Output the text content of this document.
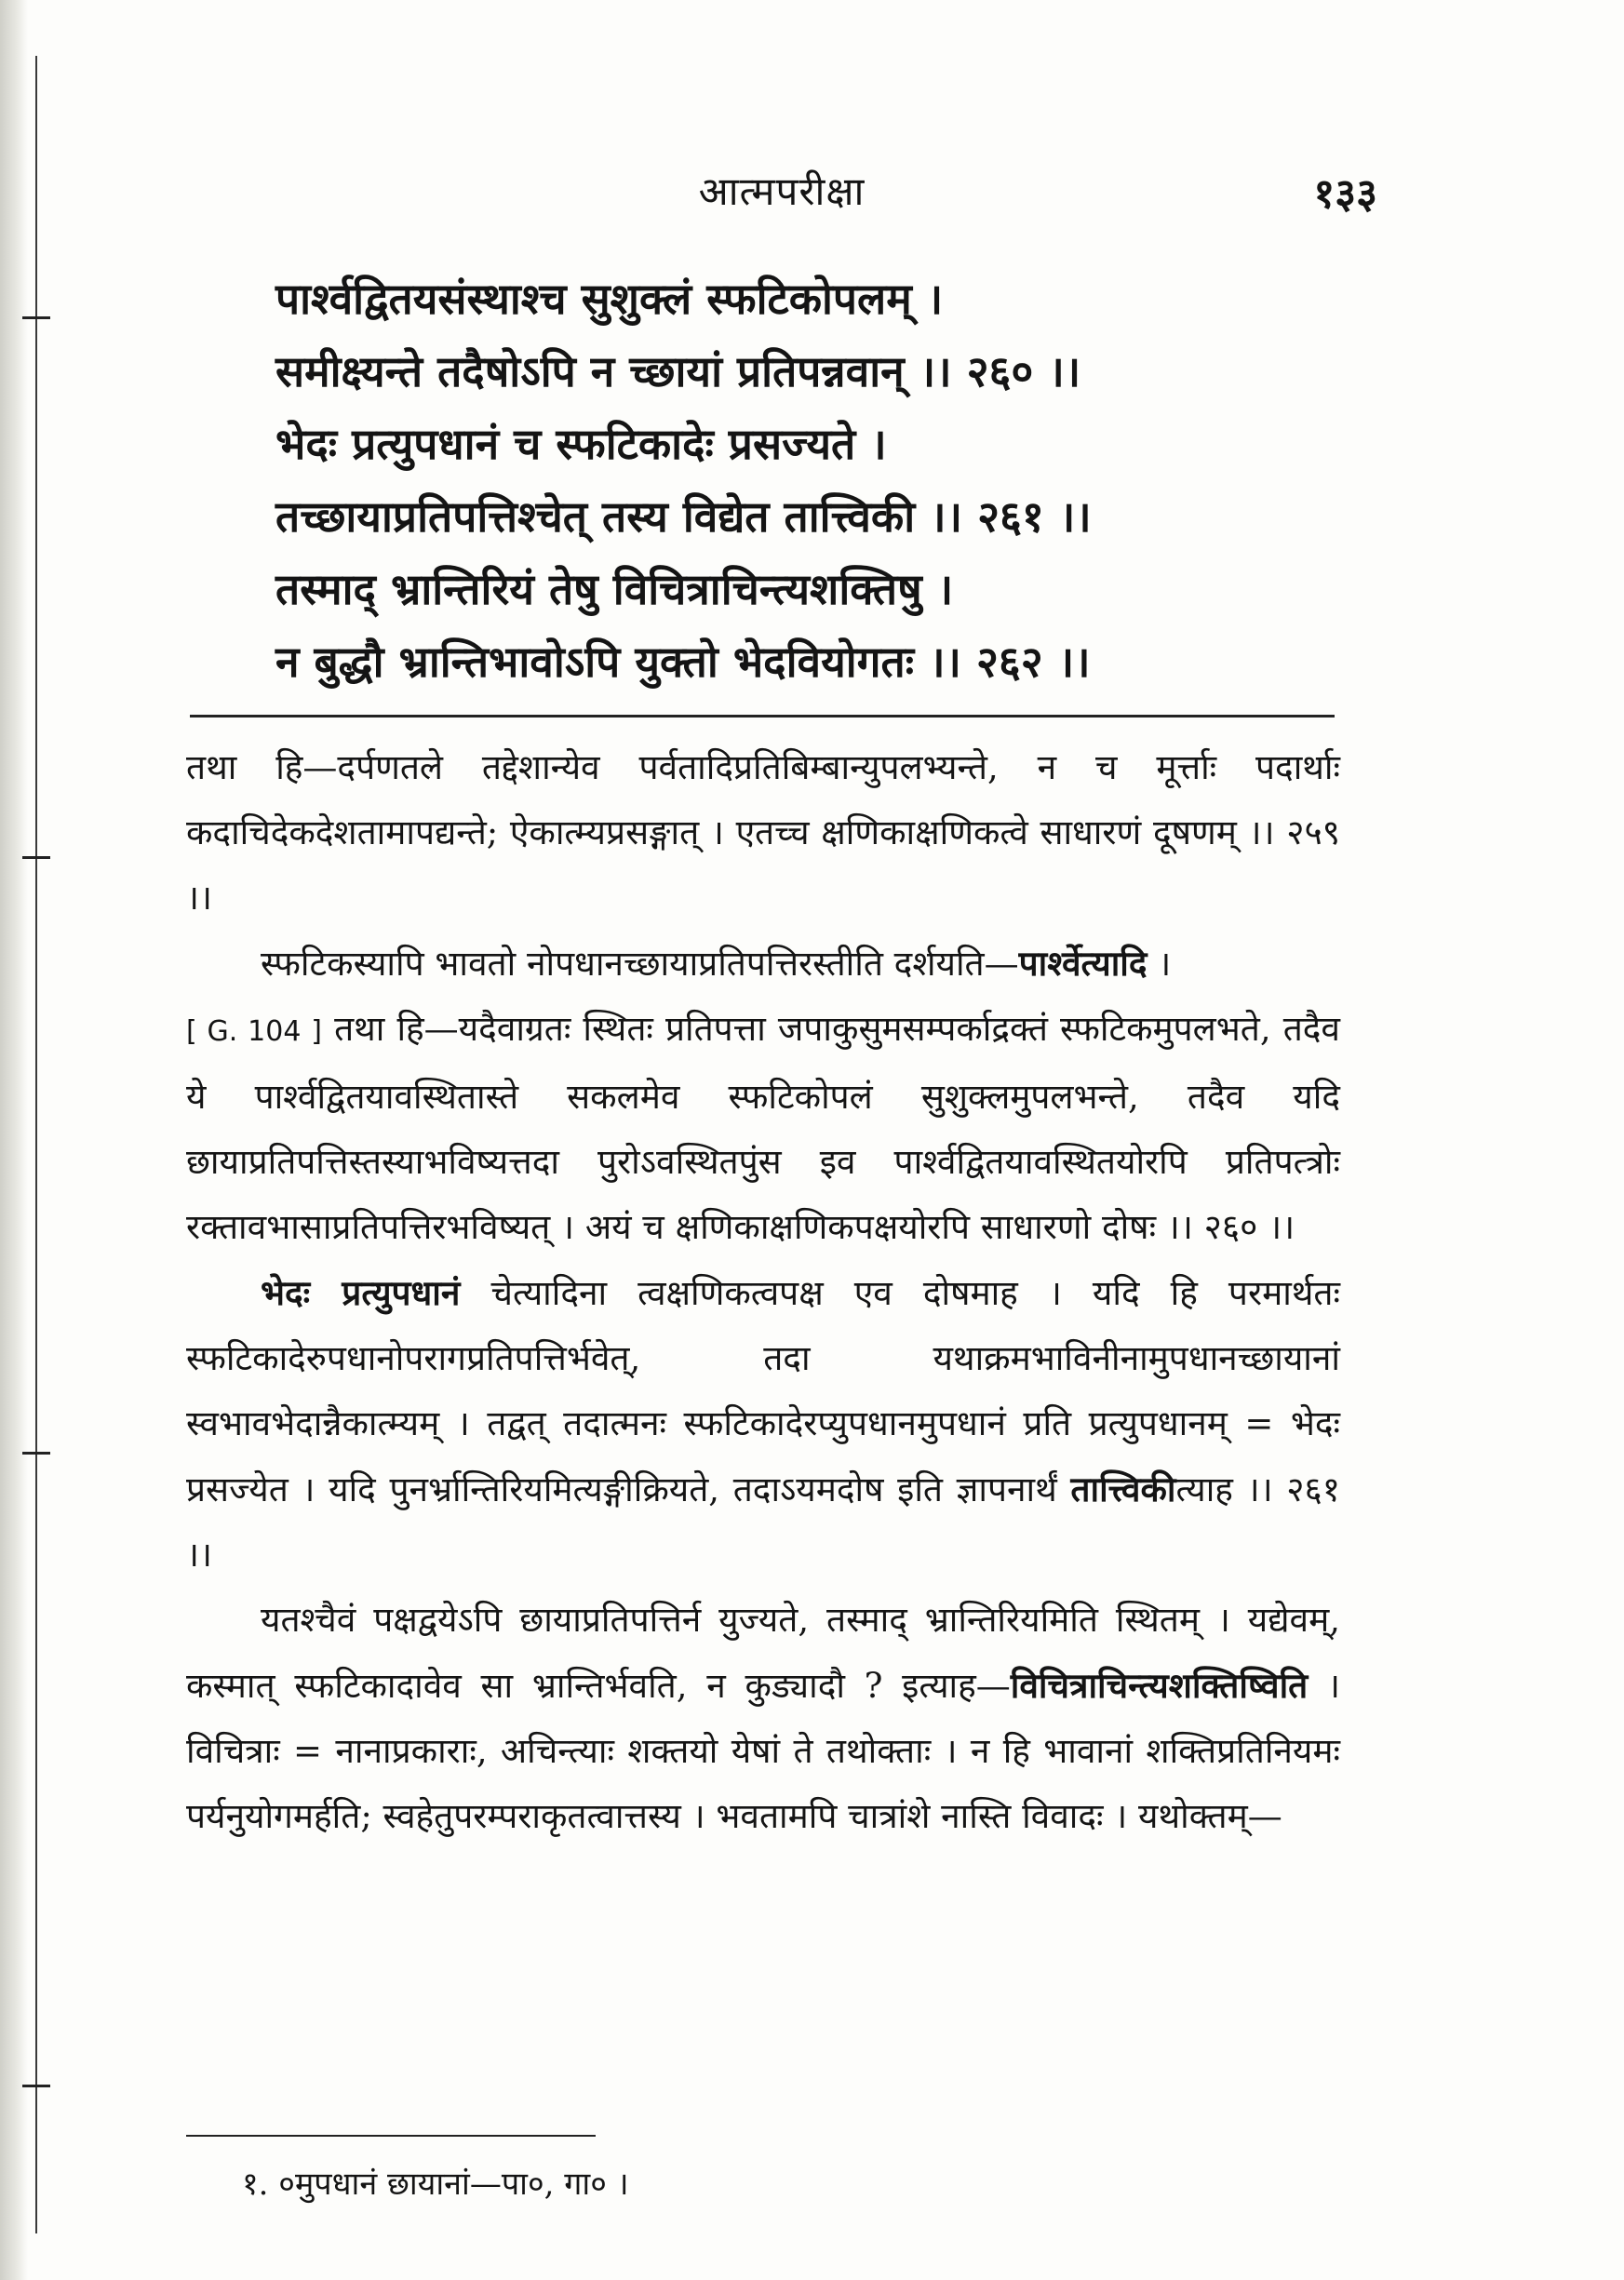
आत्मपरीक्षा	१३३
पार्श्वद्वितयसंस्थाश्च सुशुक्लं स्फटिकोपलम् ।
समीक्ष्यन्ते तदैषोऽपि न च्छायां प्रतिपन्नवान् ।। २६० ।।
भेदः प्रत्युपधानं च स्फटिकादेः प्रसज्यते ।
तच्छायाप्रतिपत्तिश्चेत् तस्य विद्येत तात्त्विकी ।। २६१ ।।
तस्माद् भ्रान्तिरियं तेषु विचित्राचिन्त्यशक्तिषु ।
न बुद्धौ भ्रान्तिभावोऽपि युक्तो भेदवियोगतः ।। २६२ ।।

तथा हि—दर्पणतले तद्देशान्येव पर्वतादिप्रतिबिम्बान्युपलभ्यन्ते, न च मूर्त्ताः पदार्थाः कदाचिदेकदेशतामापद्यन्ते; ऐकात्म्यप्रसङ्गात् । एतच्च क्षणिकाक्षणिकत्वे साधारणं दूषणम् ।। २५९ ।।

स्फटिकस्यापि भावतो नोपधानच्छायाप्रतिपत्तिरस्तीति दर्शयति—पार्श्वेत्यादि ।

[ G. 104 ] तथा हि—यदैवाग्रतः स्थितः प्रतिपत्ता जपाकुसुमसम्पर्काद्रक्तं स्फटिकमुपलभते, तदैव ये पार्श्वद्वितयावस्थितास्ते सकलमेव स्फटिकोपलं सुशुक्लमुपलभन्ते, तदैव यदि छायाप्रतिपत्तिस्तस्याभविष्यत्तदा पुरोऽवस्थितपुंस इव पार्श्वद्वितयावस्थितयोरपि प्रतिपत्त्रोः रक्तावभासाप्रतिपत्तिरभविष्यत् । अयं च क्षणिकाक्षणिकपक्षयोरपि साधारणो दोषः ।। २६० ।।

भेदः प्रत्युपधानं चेत्यादिना त्वक्षणिकत्वपक्ष एव दोषमाह । यदि हि परमार्थतः स्फटिकादेरुपधानोपरागप्रतिपत्तिर्भवेत्, तदा यथाक्रमभाविनीनामुपधानच्छायानां स्वभावभेदान्नैकात्म्यम् । तद्वत् तदात्मनः स्फटिकादेरप्युपधानमुपधानं प्रति प्रत्युपधानम् = भेदः प्रसज्येत । यदि पुनर्भ्रान्तिरियमित्यङ्गीक्रियते, तदाऽयमदोष इति ज्ञापनार्थं तात्त्विकीत्याह ।। २६१ ।।

यतश्चैवं पक्षद्वयेऽपि छायाप्रतिपत्तिर्न युज्यते, तस्माद् भ्रान्तिरियमिति स्थितम् । यद्येवम्, कस्मात् स्फटिकादावेव सा भ्रान्तिर्भवति, न कुड्यादौ ? इत्याह—विचित्राचिन्त्यशक्तिष्विति । विचित्राः = नानाप्रकाराः, अचिन्त्याः शक्तयो येषां ते तथोक्ताः । न हि भावानां शक्तिप्रतिनियमः पर्यनुयोगमर्हति; स्वहेतुपरम्पराकृतत्वात्तस्य । भवतामपि चात्रांशे नास्ति विवादः । यथोक्तम्—

१. ०मुपधानं छायानां—पा०, गा० ।
